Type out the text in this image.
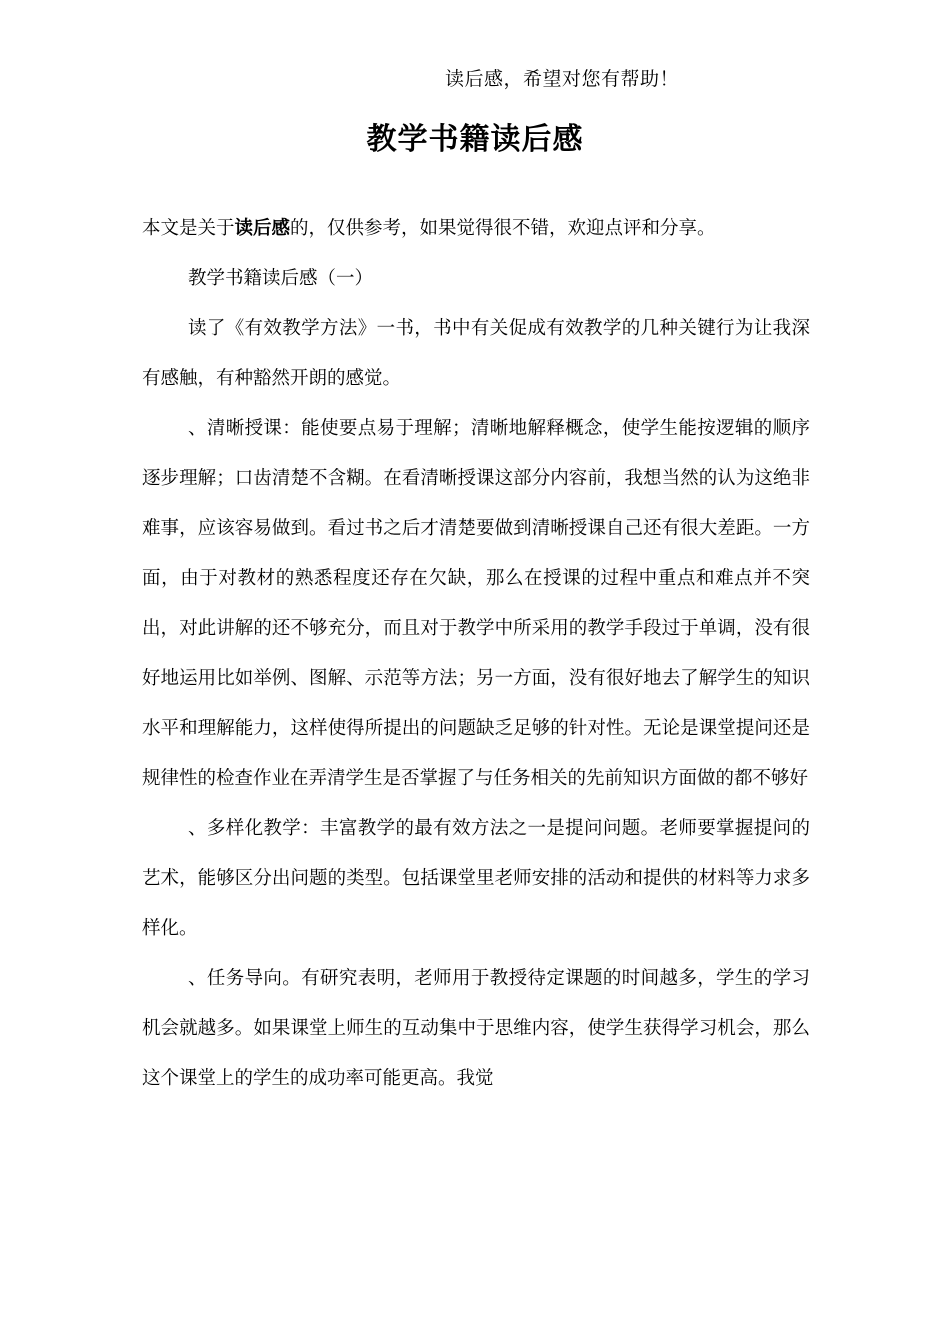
读后感，希望对您有帮助！
教学书籍读后感

本文是关于读后感的，仅供参考，如果觉得很不错，欢迎点评和分享。

教学书籍读后感（一）

读了《有效教学方法》一书，书中有关促成有效教学的几种关键行为让我深有感触，有种豁然开朗的感觉。

、清晰授课：能使要点易于理解；清晰地解释概念，使学生能按逻辑的顺序逐步理解；口齿清楚不含糊。在看清晰授课这部分内容前，我想当然的认为这绝非难事，应该容易做到。看过书之后才清楚要做到清晰授课自己还有很大差距。一方面，由于对教材的熟悉程度还存在欠缺，那么在授课的过程中重点和难点并不突出，对此讲解的还不够充分，而且对于教学中所采用的教学手段过于单调，没有很好地运用比如举例、图解、示范等方法；另一方面，没有很好地去了解学生的知识水平和理解能力，这样使得所提出的问题缺乏足够的针对性。无论是课堂提问还是规律性的检查作业在弄清学生是否掌握了与任务相关的先前知识方面做的都不够好

、多样化教学：丰富教学的最有效方法之一是提问问题。老师要掌握提问的艺术，能够区分出问题的类型。包括课堂里老师安排的活动和提供的材料等力求多样化。

、任务导向。有研究表明，老师用于教授待定课题的时间越多，学生的学习机会就越多。如果课堂上师生的互动集中于思维内容，使学生获得学习机会，那么这个课堂上的学生的成功率可能更高。我觉
